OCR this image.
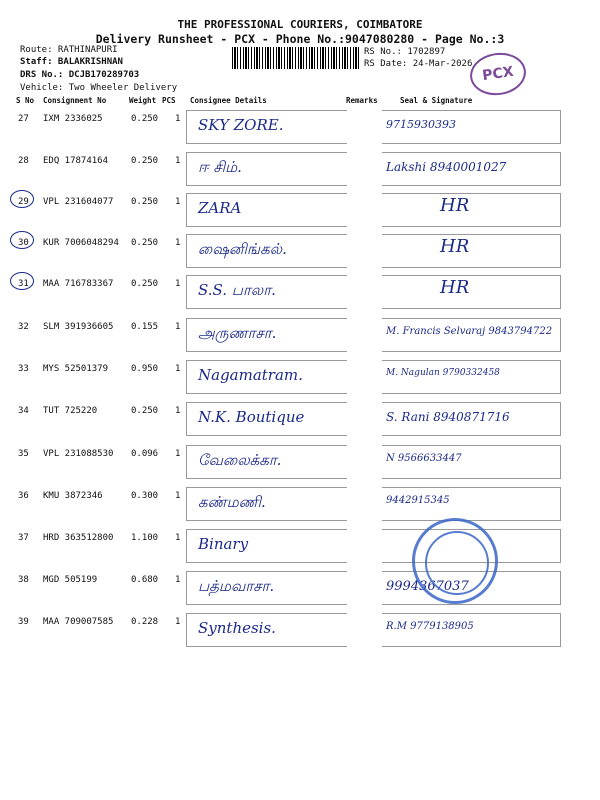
THE PROFESSIONAL COURIERS, COIMBATORE
Delivery Runsheet - PCX - Phone No.:9047080280 - Page No.:3
Route: RATHINAPURI
Staff: BALAKRISHNAN
DRS No.: DCJB170289703
Vehicle: Two Wheeler Delivery
RS No.: 1702897
RS Date: 24-Mar-2026 PCX
S No Consignment No	Weight PCS Consignee Details	Remarks	Seal & Signature
27 IXM 2336025	0.250 1 SKY ZORE.	9715930393
28 EDQ 17874164	0.250 1 ஈ சிம்.	Lakshi 8940001027
29 VPL 231604077 0.250 1 ZARA	HR
30 KUR 7006048294 0.250 1 ஷைனிங்கல்.	HR
31 MAA 716783367 0.250 1 S.S. பாலா.	HR
32 SLM 391936605 0.155 1 அருணாசா.	M. Francis Selvaraj 9843794722
33 MYS 52501379	0.950 1 Nagamatram.	M. Nagulan 9790332458
34 TUT 725220	0.250 1 N.K. Boutique	S. Rani 8940871716
35 VPL 231088530 0.096 1 வேலைக்கா.	N 9566633447
36 KMU 3872346	0.300 1 கண்மணி.	9442915345
37 HRD 363512800 1.100 1 Binary
38 MGD 505199	0.680 1 பத்மவாசா.	9994367037
39 MAA 709007585 0.228 1 Synthesis.	R.M 9779138905
